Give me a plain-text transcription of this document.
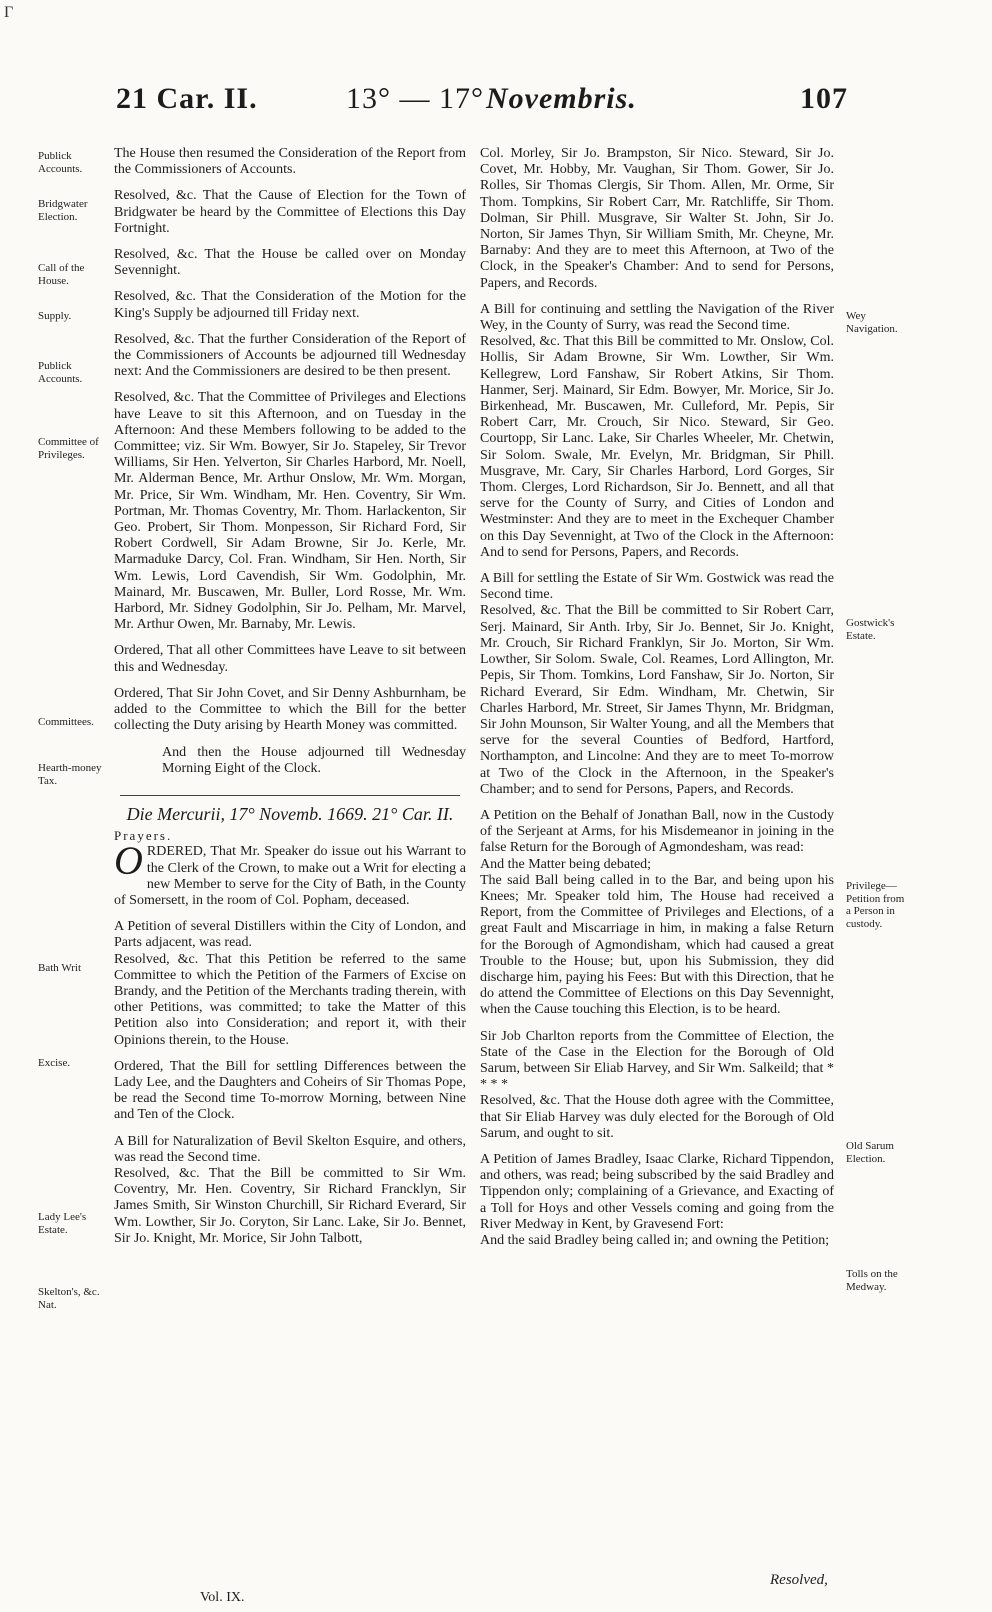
Γ
21 Car. II.	13° — 17° Novembris.	107
Publick Accounts.
Bridgwater Election.
Call of the House.
Supply.
Publick Accounts.
Committee of Privileges.
Committees.
Hearth-money Tax.
Bath Writ
Excise.
Lady Lee's Estate.
Skelton's, &c. Nat.
Wey Navigation.
Gostwick's Estate.
Privilege—Petition from a Person in custody.
Old Sarum Election.
Tolls on the Medway.

The House then resumed the Consideration of the Report from the Commissioners of Accounts.

Resolved, &c. That the Cause of Election for the Town of Bridgwater be heard by the Committee of Elections this Day Fortnight.

Resolved, &c. That the House be called over on Monday Sevennight.

Resolved, &c. That the Consideration of the Motion for the King's Supply be adjourned till Friday next.

Resolved, &c. That the further Consideration of the Report of the Commissioners of Accounts be adjourned till Wednesday next: And the Commissioners are desired to be then present.

Resolved, &c. That the Committee of Privileges and Elections have Leave to sit this Afternoon, and on Tuesday in the Afternoon: And these Members following to be added to the Committee; viz. Sir Wm. Bowyer, Sir Jo. Stapeley, Sir Trevor Williams, Sir Hen. Yelverton, Sir Charles Harbord, Mr. Noell, Mr. Alderman Bence, Mr. Arthur Onslow, Mr. Wm. Morgan, Mr. Price, Sir Wm. Windham, Mr. Hen. Coventry, Sir Wm. Portman, Mr. Thomas Coventry, Mr. Thom. Harlackenton, Sir Geo. Probert, Sir Thom. Monpesson, Sir Richard Ford, Sir Robert Cordwell, Sir Adam Browne, Sir Jo. Kerle, Mr. Marmaduke Darcy, Col. Fran. Windham, Sir Hen. North, Sir Wm. Lewis, Lord Cavendish, Sir Wm. Godolphin, Mr. Mainard, Mr. Buscawen, Mr. Buller, Lord Rosse, Mr. Wm. Harbord, Mr. Sidney Godolphin, Sir Jo. Pelham, Mr. Marvel, Mr. Arthur Owen, Mr. Barnaby, Mr. Lewis.

Ordered, That all other Committees have Leave to sit between this and Wednesday.

Ordered, That Sir John Covet, and Sir Denny Ashburnham, be added to the Committee to which the Bill for the better collecting the Duty arising by Hearth Money was committed.

And then the House adjourned till Wednesday Morning Eight of the Clock.

Die Mercurii, 17° Novemb. 1669. 21° Car. II.
Prayers.

ORDERED, That Mr. Speaker do issue out his Warrant to the Clerk of the Crown, to make out a Writ for electing a new Member to serve for the City of Bath, in the County of Somersett, in the room of Col. Popham, deceased.

A Petition of several Distillers within the City of London, and Parts adjacent, was read.

Resolved, &c. That this Petition be referred to the same Committee to which the Petition of the Farmers of Excise on Brandy, and the Petition of the Merchants trading therein, with other Petitions, was committed; to take the Matter of this Petition also into Consideration; and report it, with their Opinions therein, to the House.

Ordered, That the Bill for settling Differences between the Lady Lee, and the Daughters and Coheirs of Sir Thomas Pope, be read the Second time To-morrow Morning, between Nine and Ten of the Clock.

A Bill for Naturalization of Bevil Skelton Esquire, and others, was read the Second time.

Resolved, &c. That the Bill be committed to Sir Wm. Coventry, Mr. Hen. Coventry, Sir Richard Francklyn, Sir James Smith, Sir Winston Churchill, Sir Richard Everard, Sir Wm. Lowther, Sir Jo. Coryton, Sir Lanc. Lake, Sir Jo. Bennet, Sir Jo. Knight, Mr. Morice, Sir John Talbott,

Vol. IX.

Col. Morley, Sir Jo. Brampston, Sir Nico. Steward, Sir Jo. Covet, Mr. Hobby, Mr. Vaughan, Sir Thom. Gower, Sir Jo. Rolles, Sir Thomas Clergis, Sir Thom. Allen, Mr. Orme, Sir Thom. Tompkins, Sir Robert Carr, Mr. Ratchliffe, Sir Thom. Dolman, Sir Phill. Musgrave, Sir Walter St. John, Sir Jo. Norton, Sir James Thyn, Sir William Smith, Mr. Cheyne, Mr. Barnaby: And they are to meet this Afternoon, at Two of the Clock, in the Speaker's Chamber: And to send for Persons, Papers, and Records.

A Bill for continuing and settling the Navigation of the River Wey, in the County of Surry, was read the Second time.

Resolved, &c. That this Bill be committed to Mr. Onslow, Col. Hollis, Sir Adam Browne, Sir Wm. Lowther, Sir Wm. Kellegrew, Lord Fanshaw, Sir Robert Atkins, Sir Thom. Hanmer, Serj. Mainard, Sir Edm. Bowyer, Mr. Morice, Sir Jo. Birkenhead, Mr. Buscawen, Mr. Culleford, Mr. Pepis, Sir Robert Carr, Mr. Crouch, Sir Nico. Steward, Sir Geo. Courtopp, Sir Lanc. Lake, Sir Charles Wheeler, Mr. Chetwin, Sir Solom. Swale, Mr. Evelyn, Mr. Bridgman, Sir Phill. Musgrave, Mr. Cary, Sir Charles Harbord, Lord Gorges, Sir Thom. Clerges, Lord Richardson, Sir Jo. Bennett, and all that serve for the County of Surry, and Cities of London and Westminster: And they are to meet in the Exchequer Chamber on this Day Sevennight, at Two of the Clock in the Afternoon: And to send for Persons, Papers, and Records.

A Bill for settling the Estate of Sir Wm. Gostwick was read the Second time.

Resolved, &c. That the Bill be committed to Sir Robert Carr, Serj. Mainard, Sir Anth. Irby, Sir Jo. Bennet, Sir Jo. Knight, Mr. Crouch, Sir Richard Franklyn, Sir Jo. Morton, Sir Wm. Lowther, Sir Solom. Swale, Col. Reames, Lord Allington, Mr. Pepis, Sir Thom. Tomkins, Lord Fanshaw, Sir Jo. Norton, Sir Richard Everard, Sir Edm. Windham, Mr. Chetwin, Sir Charles Harbord, Mr. Street, Sir James Thynn, Mr. Bridgman, Sir John Mounson, Sir Walter Young, and all the Members that serve for the several Counties of Bedford, Hartford, Northampton, and Lincolne: And they are to meet To-morrow at Two of the Clock in the Afternoon, in the Speaker's Chamber; and to send for Persons, Papers, and Records.

A Petition on the Behalf of Jonathan Ball, now in the Custody of the Serjeant at Arms, for his Misdemeanor in joining in the false Return for the Borough of Agmondesham, was read:

And the Matter being debated;

The said Ball being called in to the Bar, and being upon his Knees; Mr. Speaker told him, The House had received a Report, from the Committee of Privileges and Elections, of a great Fault and Miscarriage in him, in making a false Return for the Borough of Agmondisham, which had caused a great Trouble to the House; but, upon his Submission, they did discharge him, paying his Fees: But with this Direction, that he do attend the Committee of Elections on this Day Sevennight, when the Cause touching this Election, is to be heard.

Sir Job Charlton reports from the Committee of Election, the State of the Case in the Election for the Borough of Old Sarum, between Sir Eliab Harvey, and Sir Wm. Salkeild; that * * * *

Resolved, &c. That the House doth agree with the Committee, that Sir Eliab Harvey was duly elected for the Borough of Old Sarum, and ought to sit.

A Petition of James Bradley, Isaac Clarke, Richard Tippendon, and others, was read; being subscribed by the said Bradley and Tippendon only; complaining of a Grievance, and Exacting of a Toll for Hoys and other Vessels coming and going from the River Medway in Kent, by Gravesend Fort:

And the said Bradley being called in; and owning the Petition;

Resolved,
